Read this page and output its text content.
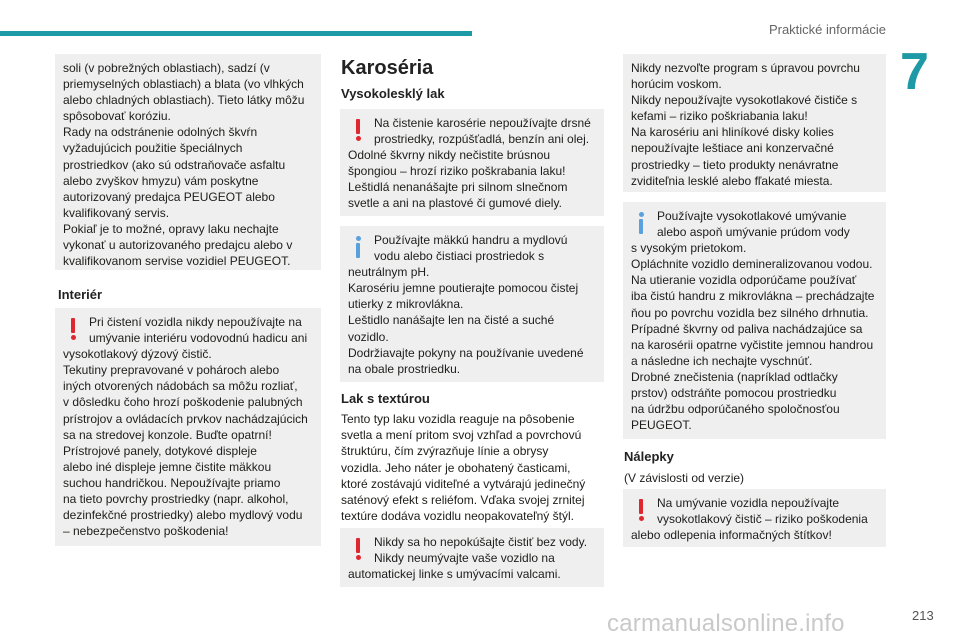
Praktické informácie
7

soli (v pobrežných oblastiach), sadzí (v
priemyselných oblastiach) a blata (vo vlhkých
alebo chladných oblastiach). Tieto látky môžu
spôsobovať koróziu.
Rady na odstránenie odolných škvŕn
vyžadujúcich použitie špeciálnych
prostriedkov (ako sú odstraňovače asfaltu
alebo zvyškov hmyzu) vám poskytne
autorizovaný predajca PEUGEOT alebo
kvalifikovaný servis.
Pokiaľ je to možné, opravy laku nechajte
vykonať u autorizovaného predajcu alebo v
kvalifikovanom servise vozidiel PEUGEOT.

Interiér

Pri čistení vozidla nikdy nepoužívajte na
umývanie interiéru vodovodnú hadicu ani

vysokotlakový dýzový čistič.
Tekutiny prepravované v pohároch alebo
iných otvorených nádobách sa môžu rozliať,
v dôsledku čoho hrozí poškodenie palubných
prístrojov a ovládacích prvkov nachádzajúcich
sa na stredovej konzole. Buďte opatrní!
Prístrojové panely, dotykové displeje
alebo iné displeje jemne čistite mäkkou
suchou handričkou. Nepoužívajte priamo
na tieto povrchy prostriedky (napr. alkohol,
dezinfekčné prostriedky) alebo mydlový vodu
– nebezpečenstvo poškodenia!

Karoséria
Vysokolesklý lak

Na čistenie karosérie nepoužívajte drsné
prostriedky, rozpúšťadlá, benzín ani olej.

Odolné škvrny nikdy nečistite brúsnou
špongiou – hrozí riziko poškrabania laku!
Leštidlá nenanášajte pri silnom slnečnom
svetle a ani na plastové či gumové diely.

Používajte mäkkú handru a mydlovú
vodu alebo čistiaci prostriedok s

neutrálnym pH.
Karosériu jemne poutierajte pomocou čistej
utierky z mikrovlákna.
Leštidlo nanášajte len na čisté a suché
vozidlo.
Dodržiavajte pokyny na používanie uvedené
na obale prostriedku.

Lak s textúrou
Tento typ laku vozidla reaguje na pôsobenie
svetla a mení pritom svoj vzhľad a povrchovú
štruktúru, čím zvýrazňuje línie a obrysy
vozidla. Jeho náter je obohatený časticami,
ktoré zostávajú viditeľné a vytvárajú jedinečný
saténový efekt s reliéfom. Vďaka svojej zrnitej
textúre dodáva vozidlu neopakovateľný štýl.

Nikdy sa ho nepokúšajte čistiť bez vody.
Nikdy neumývajte vaše vozidlo na

automatickej linke s umývacími valcami.

Nikdy nezvoľte program s úpravou povrchu
horúcim voskom.
Nikdy nepoužívajte vysokotlakové čističe s
kefami – riziko poškriabania laku!
Na karosériu ani hliníkové disky kolies
nepoužívajte leštiace ani konzervačné
prostriedky – tieto produkty nenávratne
zviditeľnia lesklé alebo fľakaté miesta.

Používajte vysokotlakové umývanie
alebo aspoň umývanie prúdom vody

s vysokým prietokom.
Opláchnite vozidlo demineralizovanou vodou.
Na utieranie vozidla odporúčame používať
iba čistú handru z mikrovlákna – prechádzajte
ňou po povrchu vozidla bez silného drhnutia.
Prípadné škvrny od paliva nachádzajúce sa
na karosérii opatrne vyčistite jemnou handrou
a následne ich nechajte vyschnúť.
Drobné znečistenia (napríklad odtlačky
prstov) odstráňte pomocou prostriedku
na údržbu odporúčaného spoločnosťou
PEUGEOT.

Nálepky
(V závislosti od verzie)

Na umývanie vozidla nepoužívajte
vysokotlakový čistič – riziko poškodenia

alebo odlepenia informačných štítkov!

carmanualsonline.info	213
